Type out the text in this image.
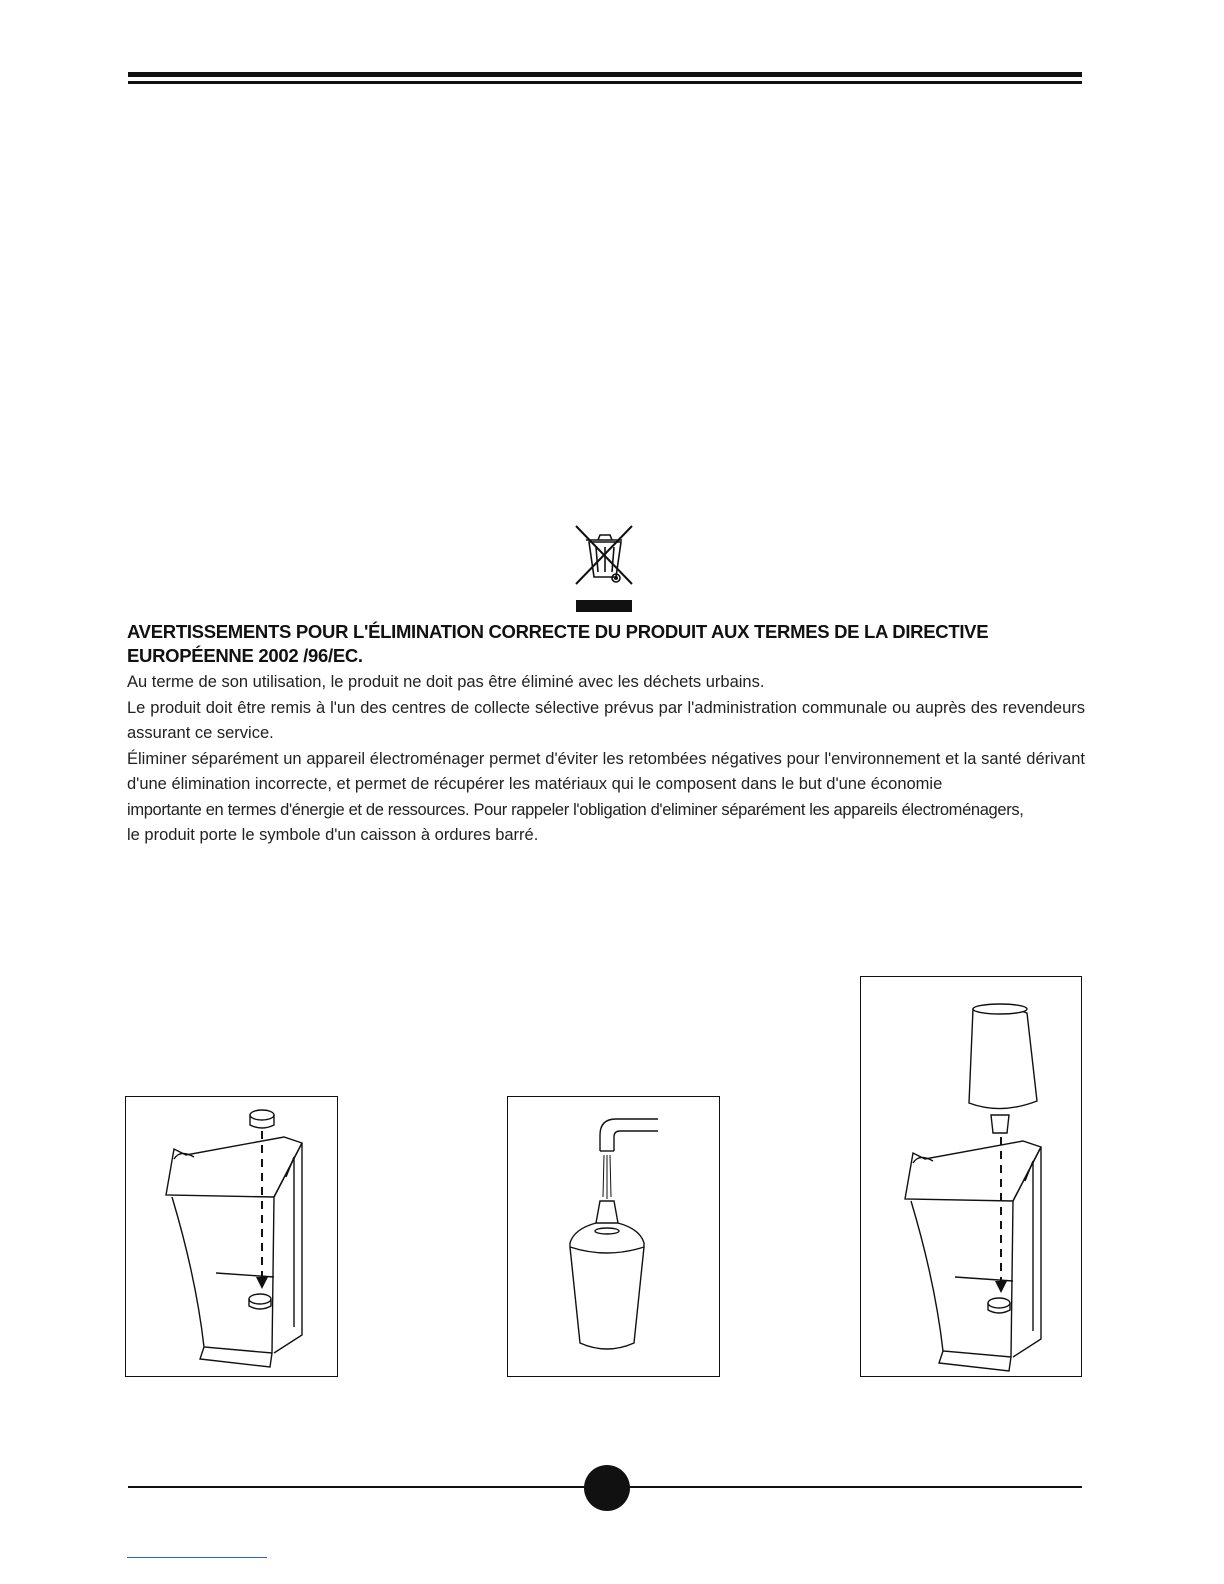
AVERTISSEMENTS POUR L'ÉLIMINATION CORRECTE DU PRODUIT AUX TERMES DE LA DIRECTIVE EUROPÉENNE 2002 /96/EC.

Au terme de son utilisation, le produit ne doit pas être éliminé avec les déchets urbains.

Le produit doit être remis à l'un des centres de collecte sélective prévus par l'administration communale ou auprès des revendeurs assurant ce service.

Éliminer séparément un appareil électroménager permet d'éviter les retombées négatives pour l'environnement et la santé dérivant d'une élimination incorrecte, et permet de récupérer les matériaux qui le composent dans le but d'une économie

importante en termes d'énergie et de ressources. Pour rappeler l'obligation d'eliminer séparément les appareils électroménagers,

le produit porte le symbole d'un caisson à ordures barré.
